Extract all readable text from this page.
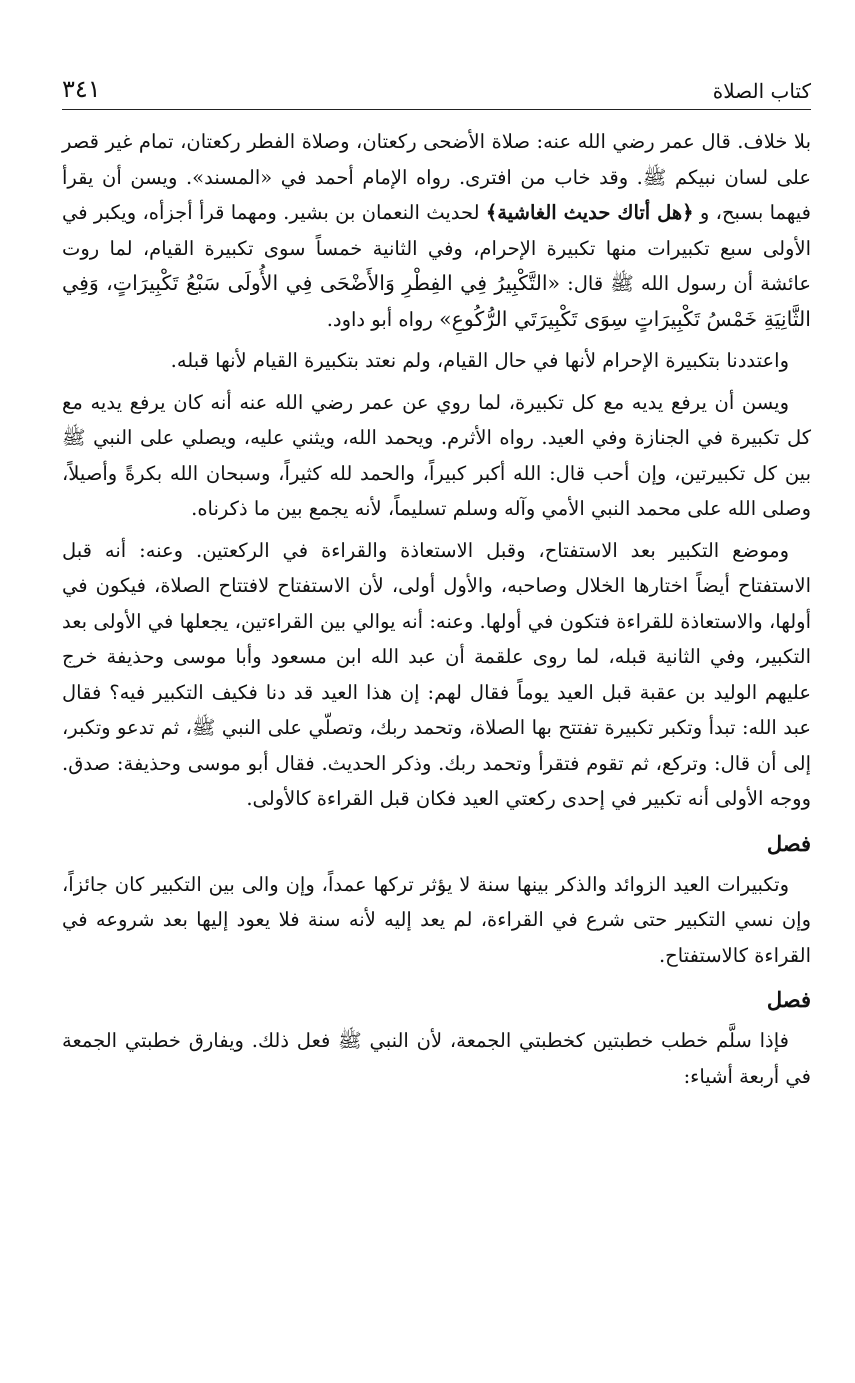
كتاب الصلاة
٣٤١

بلا خلاف. قال عمر رضي الله عنه: صلاة الأضحى ركعتان، وصلاة الفطر ركعتان، تمام غير قصر على لسان نبيكم ﷺ. وقد خاب من افترى. رواه الإمام أحمد في «المسند». ويسن أن يقرأ فيهما بسبح، و ﴿هل أتاك حديث الغاشية﴾ لحديث النعمان بن بشير. ومهما قرأ أجزأه، ويكبر في الأولى سبع تكبيرات منها تكبيرة الإحرام، وفي الثانية خمساً سوى تكبيرة القيام، لما روت عائشة أن رسول الله ﷺ قال: «التَّكْبِيرُ فِي الفِطْرِ وَالأَضْحَى فِي الأُولَى سَبْعُ تَكْبِيرَاتٍ، وَفِي الثَّانِيَةِ خَمْسُ تَكْبِيرَاتٍ سِوَى تَكْبِيرَتَي الرُّكُوعِ» رواه أبو داود.

واعتددنا بتكبيرة الإحرام لأنها في حال القيام، ولم نعتد بتكبيرة القيام لأنها قبله.

ويسن أن يرفع يديه مع كل تكبيرة، لما روي عن عمر رضي الله عنه أنه كان يرفع يديه مع كل تكبيرة في الجنازة وفي العيد. رواه الأثرم. ويحمد الله، ويثني عليه، ويصلي على النبي ﷺ بين كل تكبيرتين، وإن أحب قال: الله أكبر كبيراً، والحمد لله كثيراً، وسبحان الله بكرةً وأصيلاً، وصلى الله على محمد النبي الأمي وآله وسلم تسليماً، لأنه يجمع بين ما ذكرناه.

وموضع التكبير بعد الاستفتاح، وقبل الاستعاذة والقراءة في الركعتين. وعنه: أنه قبل الاستفتاح أيضاً اختارها الخلال وصاحبه، والأول أولى، لأن الاستفتاح لافتتاح الصلاة، فيكون في أولها، والاستعاذة للقراءة فتكون في أولها. وعنه: أنه يوالي بين القراءتين، يجعلها في الأولى بعد التكبير، وفي الثانية قبله، لما روى علقمة أن عبد الله ابن مسعود وأبا موسى وحذيفة خرج عليهم الوليد بن عقبة قبل العيد يوماً فقال لهم: إن هذا العيد قد دنا فكيف التكبير فيه؟ فقال عبد الله: تبدأ وتكبر تكبيرة تفتتح بها الصلاة، وتحمد ربك، وتصلّي على النبي ﷺ، ثم تدعو وتكبر، إلى أن قال: وتركع، ثم تقوم فتقرأ وتحمد ربك. وذكر الحديث. فقال أبو موسى وحذيفة: صدق. ووجه الأولى أنه تكبير في إحدى ركعتي العيد فكان قبل القراءة كالأولى.

فصل

وتكبيرات العيد الزوائد والذكر بينها سنة لا يؤثر تركها عمداً، وإن والى بين التكبير كان جائزاً، وإن نسي التكبير حتى شرع في القراءة، لم يعد إليه لأنه سنة فلا يعود إليها بعد شروعه في القراءة كالاستفتاح.

فصل

فإذا سلَّم خطب خطبتين كخطبتي الجمعة، لأن النبي ﷺ فعل ذلك. ويفارق خطبتي الجمعة في أربعة أشياء:
